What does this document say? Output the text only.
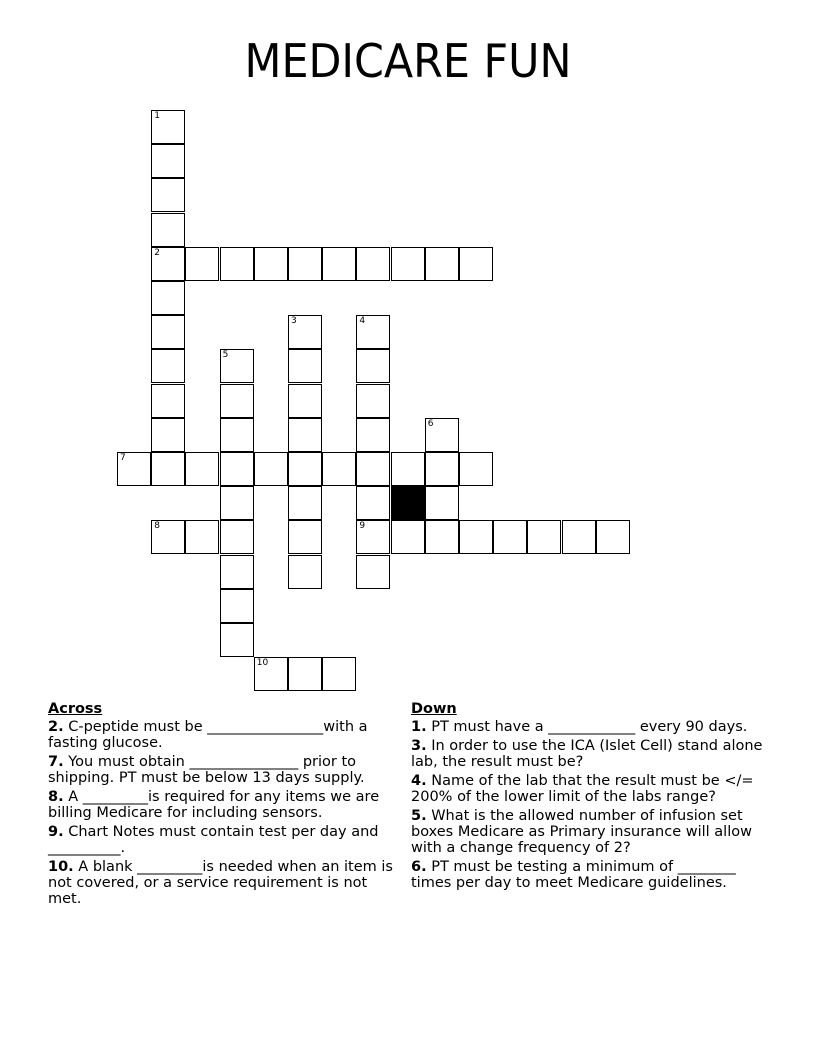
MEDICARE FUN
1
2
3	4
9
5
6
7
8
10
Across
2. C-peptide must be ________________with a fasting glucose.
7. You must obtain _______________ prior to shipping. PT must be below 13 days supply.
8. A _________is required for any items we are billing Medicare for including sensors.
9. Chart Notes must contain test per day and __________.
10. A blank _________is needed when an item is not covered, or a service requirement is not met.
Down
1. PT must have a ____________ every 90 days.
3. In order to use the ICA (Islet Cell) stand alone lab, the result must be?
4. Name of the lab that the result must be </= 200% of the lower limit of the labs range?
5. What is the allowed number of infusion set boxes Medicare as Primary insurance will allow with a change frequency of 2?
6. PT must be testing a minimum of ________ times per day to meet Medicare guidelines.
